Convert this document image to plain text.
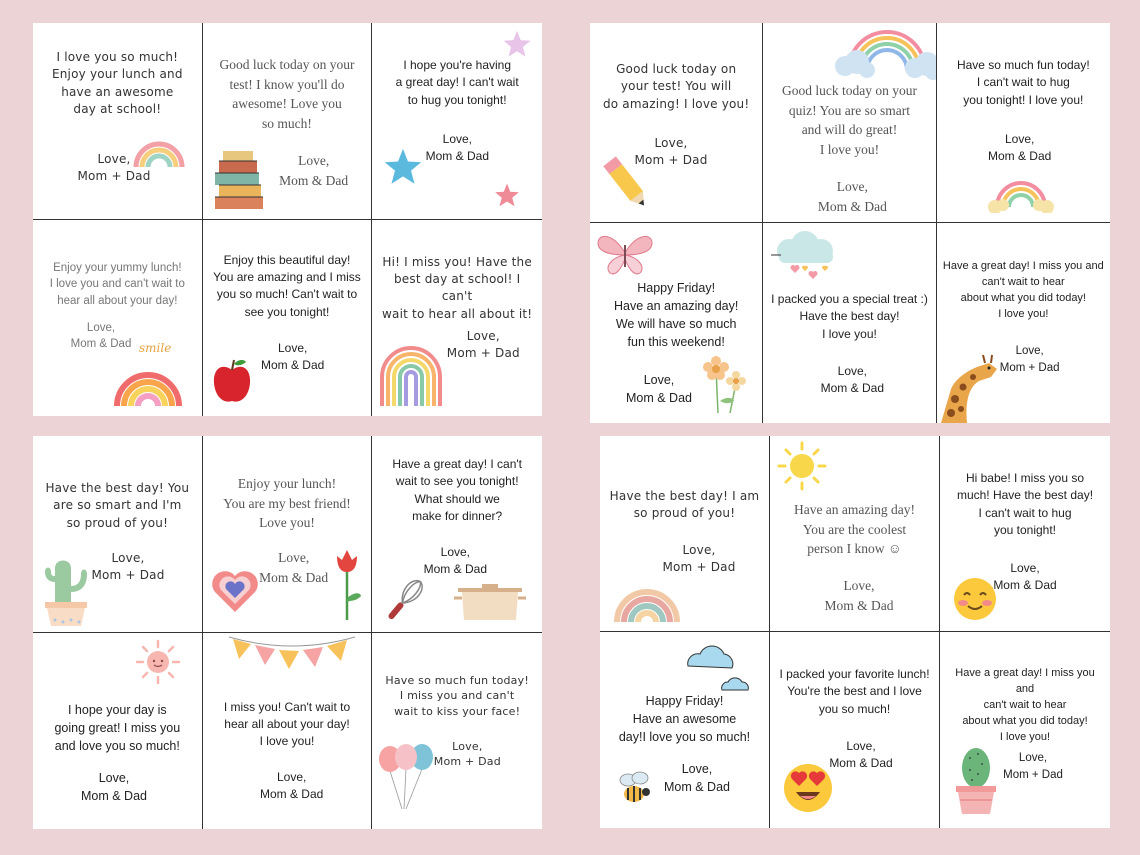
I love you so much!
Enjoy your lunch and
have an awesome
day at school!
Love,
Mom + Dad
Good luck today on your
test! I know you'll do
awesome! Love you
so much!
Love,
Mom & Dad
I hope you're having
a great day! I can't wait
to hug you tonight!
Love,
Mom & Dad
Enjoy your yummy lunch!
I love you and can't wait to
hear all about your day!
Love,
Mom & Dad smile
Enjoy this beautiful day!
You are amazing and I miss
you so much! Can't wait to
see you tonight!
Love,
Mom & Dad
Hi! I miss you! Have the
best day at school! I can't
wait to hear all about it!
Love,
Mom + Dad
Good luck today on
your test! You will
do amazing! I love you!
Love,
Mom + Dad
Good luck today on your
quiz! You are so smart
and will do great!
I love you!
Love,
Mom & Dad
Have so much fun today!
I can't wait to hug
you tonight! I love you!
Love,
Mom & Dad
Happy Friday!
Have an amazing day!
We will have so much
fun this weekend!
Love,
Mom & Dad
I packed you a special treat :)
Have the best day!
I love you!
Love,
Mom & Dad
Have a great day! I miss you and
can't wait to hear
about what you did today!
I love you!
Love,
Mom + Dad
Have the best day! You
are so smart and I'm
so proud of you!
Love,
Mom + Dad
Enjoy your lunch!
You are my best friend!
Love you!
Love,
Mom & Dad
Have a great day! I can't
wait to see you tonight!
What should we
make for dinner?
Love,
Mom & Dad
I hope your day is
going great! I miss you
and love you so much!
Love,
Mom & Dad
I miss you! Can't wait to
hear all about your day!
I love you!
Love,
Mom & Dad
Have so much fun today!
I miss you and can't
wait to kiss your face!
Love,
Mom + Dad
Have the best day! I am
so proud of you!
Love,
Mom + Dad
Have an amazing day!
You are the coolest
person I know ☺
Love,
Mom & Dad
Hi babe! I miss you so
much! Have the best day!
I can't wait to hug
you tonight!
Love,
Mom & Dad
Happy Friday!
Have an awesome
day!I love you so much!
Love,
Mom & Dad
I packed your favorite lunch!
You're the best and I love
you so much!
Love,
Mom & Dad
Have a great day! I miss you and
can't wait to hear
about what you did today!
I love you!
Love,
Mom + Dad
